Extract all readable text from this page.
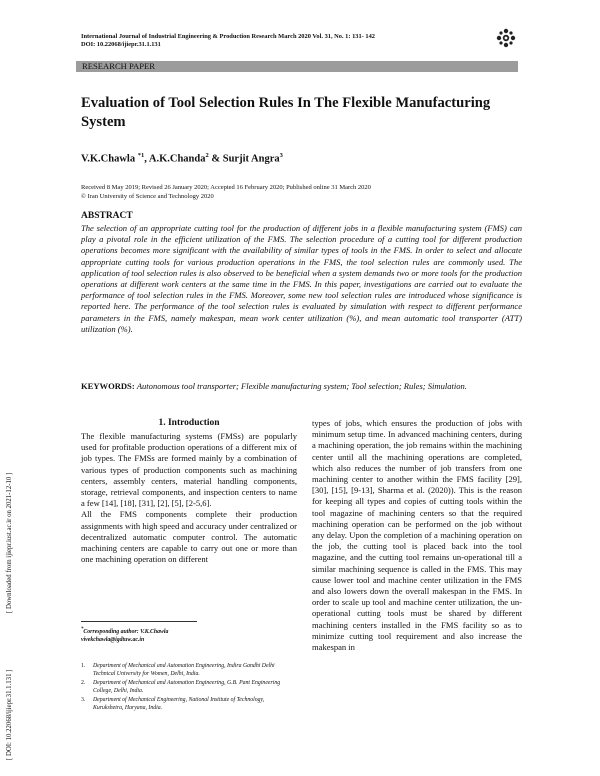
International Journal of Industrial Engineering & Production Research March 2020 Vol. 31, No. 1: 131- 142
DOI: 10.22068/ijiepr.31.1.131
RESEARCH PAPER
Evaluation of Tool Selection Rules In The Flexible Manufacturing System
V.K.Chawla $^{*1}$, A.K.Chanda$^2$ & Surjit Angra$^3$
Received 8 May 2019; Revised 26 January 2020; Accepted 16 February 2020; Published online 31 March 2020
© Iran University of Science and Technology 2020
ABSTRACT
The selection of an appropriate cutting tool for the production of different jobs in a flexible manufacturing system (FMS) can play a pivotal role in the efficient utilization of the FMS. The selection procedure of a cutting tool for different production operations becomes more significant with the availability of similar types of tools in the FMS. In order to select and allocate appropriate cutting tools for various production operations in the FMS, the tool selection rules are commonly used. The application of tool selection rules is also observed to be beneficial when a system demands two or more tools for the production operations at different work centers at the same time in the FMS. In this paper, investigations are carried out to evaluate the performance of tool selection rules in the FMS. Moreover, some new tool selection rules are introduced whose significance is reported here. The performance of the tool selection rules is evaluated by simulation with respect to different performance parameters in the FMS, namely makespan, mean work center utilization (%), and mean automatic tool transporter (ATT) utilization (%).
KEYWORDS: Autonomous tool transporter; Flexible manufacturing system; Tool selection; Rules; Simulation.
1. Introduction

The flexible manufacturing systems (FMSs) are popularly used for profitable production operations of a different mix of job types. The FMSs are formed mainly by a combination of various types of production components such as machining centers, assembly centers, material handling components, storage, retrieval components, and inspection centers to name a few [14], [18], [31], [2], [5], [2-5,6].

All the FMS components complete their production assignments with high speed and accuracy under centralized or decentralized automatic computer control. The automatic machining centers are capable to carry out one or more than one machining operation on different

types of jobs, which ensures the production of jobs with minimum setup time. In advanced machining centers, during a machining operation, the job remains within the machining center until all the machining operations are completed, which also reduces the number of job transfers from one machining center to another within the FMS facility [29], [30], [15], [9-13], Sharma et al. (2020)). This is the reason for keeping all types and copies of cutting tools within the tool magazine of machining centers so that the required machining operation can be performed on the job without any delay. Upon the completion of a machining operation on the job, the cutting tool is placed back into the tool magazine, and the cutting tool remains un-operational till a similar machining sequence is called in the FMS. This may cause lower tool and machine center utilization in the FMS and also lowers down the overall makespan in the FMS. In order to scale up tool and machine center utilization, the un-operational cutting tools must be shared by different machining centers installed in the FMS facility so as to minimize cutting tool requirement and also increase the makespan in
*Corresponding author: V.K.Chawla
vivekchawla@igdtuw.ac.in
1.	Department of Mechanical and Automation Engineering, Indira Gandhi Delhi Technical University for Women, Delhi, India.
2.	Department of Mechanical and Automation Engineering, G.B. Pant Engineering College, Delhi, India.
3.	Department of Mechanical Engineering, National Institute of Technology, Kurukshetra, Haryana, India.
[ Downloaded from ijiepr.iust.ac.ir on 2021-12-10 ]
[ DOI: 10.22068/ijiepr.31.1.131 ]
